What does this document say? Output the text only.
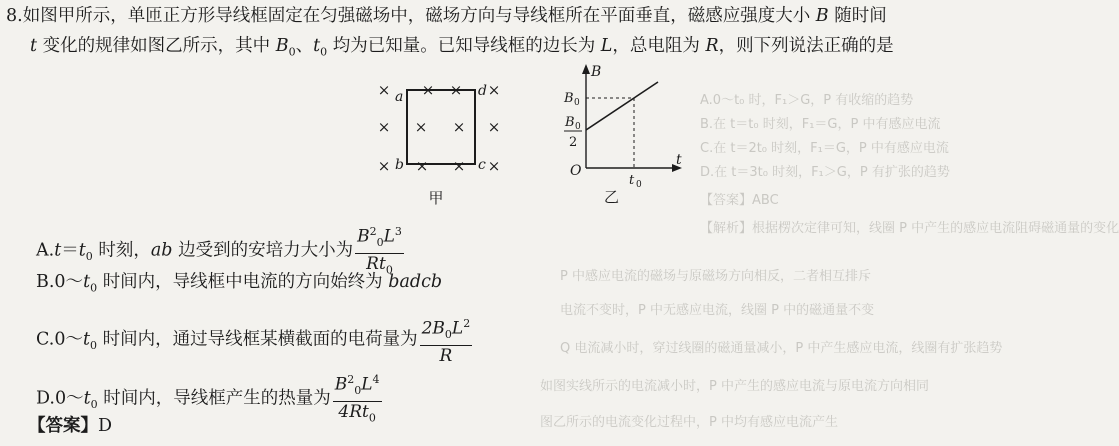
A.0～t₀ 时，F₁＞G，P 有收缩的趋势
B.在 t＝t₀ 时刻，F₁＝G，P 中有感应电流
C.在 t＝2t₀ 时刻，F₁＝G，P 中有感应电流
D.在 t＝3t₀ 时刻，F₁＞G，P 有扩张的趋势
【答案】ABC
【解析】根据楞次定律可知，线圈 P 中产生的感应电流阻碍磁通量的变化
P 中感应电流的磁场与原磁场方向相反，二者相互排斥
电流不变时，P 中无感应电流，线圈 P 中的磁通量不变
Q 电流减小时，穿过线圈的磁通量减小，P 中产生感应电流，线圈有扩张趋势
如图实线所示的电流减小时，P 中产生的感应电流与原电流方向相同
图乙所示的电流变化过程中，P 中均有感应电流产生
8.如图甲所示，单匝正方形导线框固定在匀强磁场中，磁场方向与导线框所在平面垂直，磁感应强度大小 B 随时间
t 变化的规律如图乙所示，其中 $B_0$、$t_0$ 均为已知量。已知导线框的边长为 L，总电阻为 R，则下列说法正确的是
× × × ×
× × × ×
× × × ×
a
b	c
d
甲
B
t
O
B 0
B 0
2
t 0
乙
$A.t=t_0$ 时刻，ab 边受到的安培力大小为 $\frac{B^2_0L^3}{Rt_0}$
$B.0\sim t_0$ 时间内，导线框中电流的方向始终为 badcb
$C.0\sim t_0$ 时间内，通过导线框某横截面的电荷量为 $\frac{2B_0L^2}{R}$
$D.0\sim t_0$ 时间内，导线框产生的热量为 $\frac{B^2_0L^4}{4Rt_0}$
【答案】D
